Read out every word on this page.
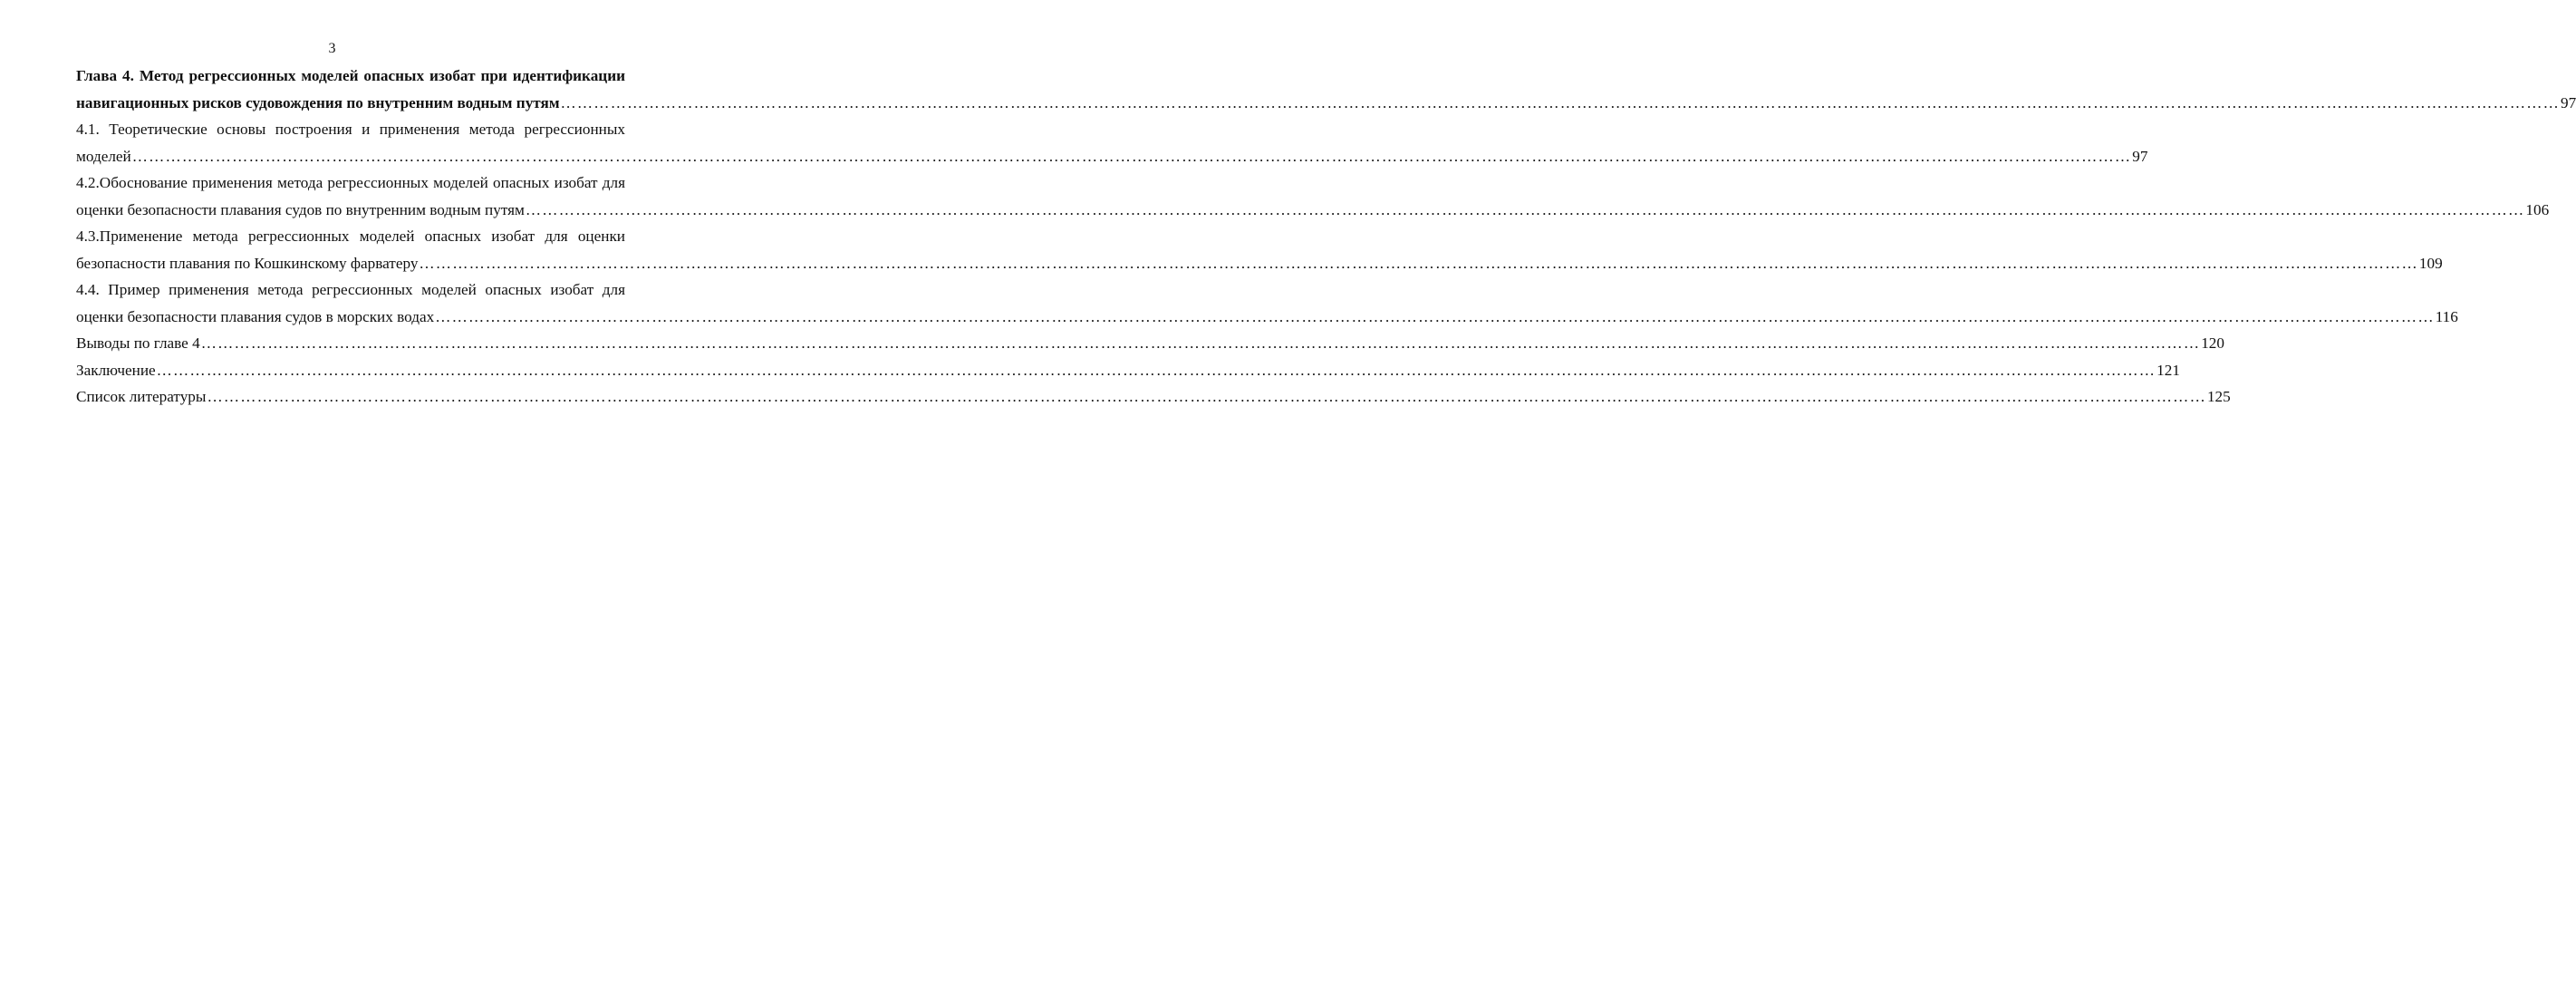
3
Глава 4. Метод регрессионных моделей опасных изобат при идентификации
навигационных рисков судовождения по внутренним водным путям ……………………………………………………………………………………………………………………………………………………………………………………………………………………………………………………………………………………………………………………………… 97
4.1. Теоретические основы построения и применения метода регрессионных
моделей ……………………………………………………………………………………………………………………………………………………………………………………………………………………………………………………………………………………………………………………………… 97
4.2.Обоснование применения метода регрессионных моделей опасных изобат для
оценки безопасности плавания судов по внутренним водным путям ……………………………………………………………………………………………………………………………………………………………………………………………………………………………………………………………………………………………………………………………… 106
4.3.Применение метода регрессионных моделей опасных изобат для оценки
безопасности плавания по Кошкинскому фарватеру ……………………………………………………………………………………………………………………………………………………………………………………………………………………………………………………………………………………………………………………………… 109
4.4. Пример применения метода регрессионных моделей опасных изобат для
оценки безопасности плавания судов в морских водах ……………………………………………………………………………………………………………………………………………………………………………………………………………………………………………………………………………………………………………………………… 116
Выводы по главе 4 ……………………………………………………………………………………………………………………………………………………………………………………………………………………………………………………………………………………………………………………………… 120
Заключение ……………………………………………………………………………………………………………………………………………………………………………………………………………………………………………………………………………………………………………………………… 121
Список литературы ……………………………………………………………………………………………………………………………………………………………………………………………………………………………………………………………………………………………………………………………… 125
